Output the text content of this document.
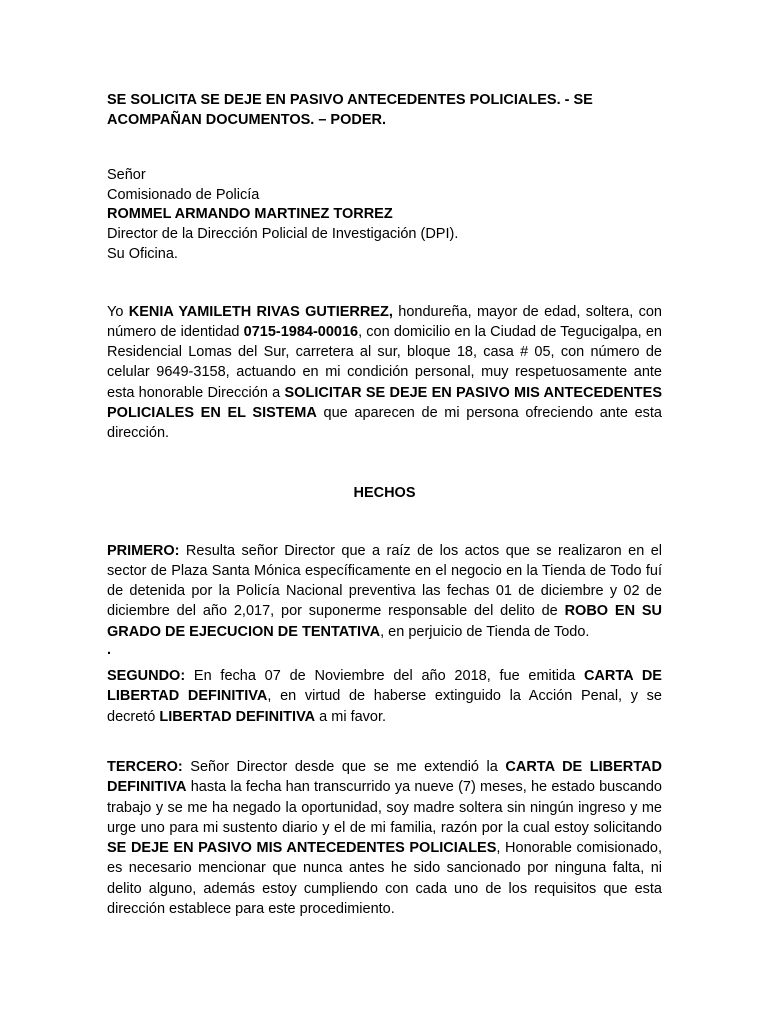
SE SOLICITA SE DEJE EN PASIVO ANTECEDENTES POLICIALES. - SE ACOMPAÑAN DOCUMENTOS. – PODER.

Señor
Comisionado de Policía
ROMMEL ARMANDO MARTINEZ TORREZ
Director de la Dirección Policial de Investigación (DPI).
Su Oficina.

Yo KENIA YAMILETH RIVAS GUTIERREZ, hondureña, mayor de edad, soltera, con número de identidad 0715-1984-00016, con domicilio en la Ciudad de Tegucigalpa, en Residencial Lomas del Sur, carretera al sur, bloque 18, casa # 05, con número de celular 9649-3158, actuando en mi condición personal, muy respetuosamente ante esta honorable Dirección a SOLICITAR SE DEJE EN PASIVO MIS ANTECEDENTES POLICIALES EN EL SISTEMA que aparecen de mi persona ofreciendo ante esta dirección.

HECHOS

PRIMERO: Resulta señor Director que a raíz de los actos que se realizaron en el sector de Plaza Santa Mónica específicamente en el negocio en la Tienda de Todo fuí de detenida por la Policía Nacional preventiva las fechas 01 de diciembre y 02 de diciembre del año 2,017, por suponerme responsable del delito de ROBO EN SU GRADO DE EJECUCION DE TENTATIVA, en perjuicio de Tienda de Todo.

.

SEGUNDO: En fecha 07 de Noviembre del año 2018, fue emitida CARTA DE LIBERTAD DEFINITIVA, en virtud de haberse extinguido la Acción Penal, y se decretó LIBERTAD DEFINITIVA a mi favor.

TERCERO: Señor Director desde que se me extendió la CARTA DE LIBERTAD DEFINITIVA hasta la fecha han transcurrido ya nueve (7) meses, he estado buscando trabajo y se me ha negado la oportunidad, soy madre soltera sin ningún ingreso y me urge uno para mi sustento diario y el de mi familia, razón por la cual estoy solicitando SE DEJE EN PASIVO MIS ANTECEDENTES POLICIALES, Honorable comisionado, es necesario mencionar que nunca antes he sido sancionado por ninguna falta, ni delito alguno, además estoy cumpliendo con cada uno de los requisitos que esta dirección establece para este procedimiento.
